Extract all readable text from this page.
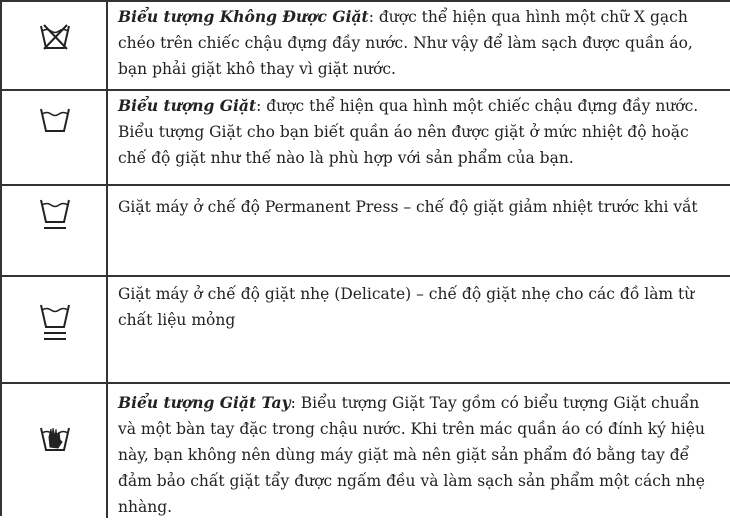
Biểu tượng Không Được Giặt: được thể hiện qua hình một chữ X gạch chéo trên chiếc chậu đựng đầy nước. Như vậy để làm sạch được quần áo, bạn phải giặt khô thay vì giặt nước.
Biểu tượng Giặt: được thể hiện qua hình một chiếc chậu đựng đầy nước. Biểu tượng Giặt cho bạn biết quần áo nên được giặt ở mức nhiệt độ hoặc chế độ giặt như thế nào là phù hợp với sản phẩm của bạn.
Giặt máy ở chế độ Permanent Press – chế độ giặt giảm nhiệt trước khi vắt
Giặt máy ở chế độ giặt nhẹ (Delicate) – chế độ giặt nhẹ cho các đồ làm từ chất liệu mỏng
Biểu tượng Giặt Tay: Biểu tượng Giặt Tay gồm có biểu tượng Giặt chuẩn và một bàn tay đặc trong chậu nước. Khi trên mác quần áo có đính ký hiệu này, bạn không nên dùng máy giặt mà nên giặt sản phẩm đó bằng tay để đảm bảo chất giặt tẩy được ngấm đều và làm sạch sản phẩm một cách nhẹ nhàng.
